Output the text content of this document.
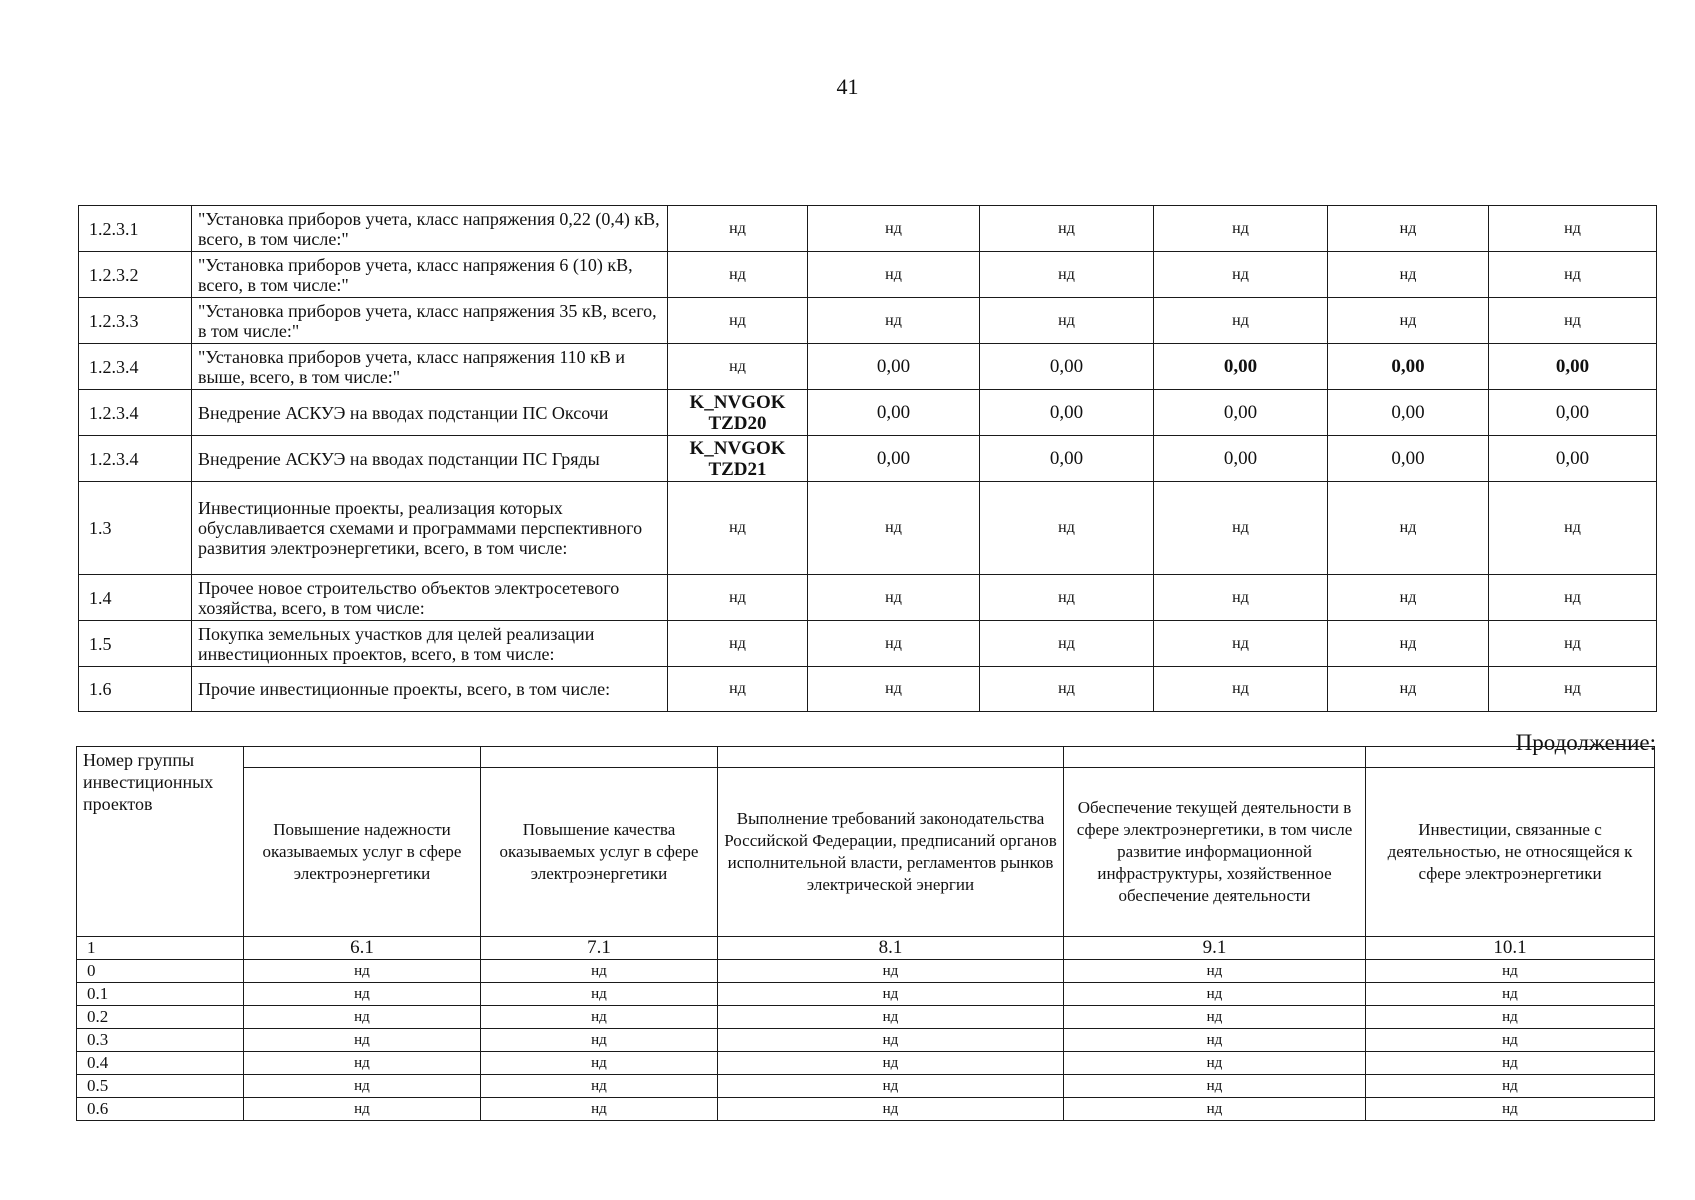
41
1.2.3.1	"Установка приборов учета, класс напряжения 0,22 (0,4) кВ, всего, в том числе:"	нд	нд	нд	нд	нд	нд
1.2.3.2	"Установка приборов учета, класс напряжения 6 (10) кВ, всего, в том числе:"	нд	нд	нд	нд	нд	нд
1.2.3.3	"Установка приборов учета, класс напряжения 35 кВ, всего, в том числе:"	нд	нд	нд	нд	нд	нд
1.2.3.4	"Установка приборов учета, класс напряжения 110 кВ и выше, всего, в том числе:"	нд	0,00	0,00	0,00	0,00	0,00
1.2.3.4	Внедрение АСКУЭ на вводах подстанции ПС Оксочи	K_NVGOK TZD20	0,00	0,00	0,00	0,00	0,00
1.2.3.4	Внедрение АСКУЭ на вводах подстанции ПС Гряды	K_NVGOK TZD21	0,00	0,00	0,00	0,00	0,00
1.3	Инвестиционные проекты, реализация которых обуславливается схемами и программами перспективного развития электроэнергетики, всего, в том числе:	нд	нд	нд	нд	нд	нд
1.4	Прочее новое строительство объектов электросетевого хозяйства, всего, в том числе:	нд	нд	нд	нд	нд	нд
1.5	Покупка земельных участков для целей реализации инвестиционных проектов, всего, в том числе:	нд	нд	нд	нд	нд	нд
1.6	Прочие инвестиционные проекты, всего, в том числе:	нд	нд	нд	нд	нд	нд
Продолжение:
Номер группы инвестиционных проектов					
	Повышение надежности оказываемых услуг в сфере электроэнергетики	Повышение качества оказываемых услуг в сфере электроэнергетики	Выполнение требований законодательства Российской Федерации, предписаний органов исполнительной власти, регламентов рынков электрической энергии	Обеспечение текущей деятельности в сфере электроэнергетики, в том числе развитие информационной инфраструктуры, хозяйственное обеспечение деятельности	Инвестиции, связанные с деятельностью, не относящейся к сфере электроэнергетики
1	6.1	7.1	8.1	9.1	10.1
0	нд	нд	нд	нд	нд
0.1	нд	нд	нд	нд	нд
0.2	нд	нд	нд	нд	нд
0.3	нд	нд	нд	нд	нд
0.4	нд	нд	нд	нд	нд
0.5	нд	нд	нд	нд	нд
0.6	нд	нд	нд	нд	нд
